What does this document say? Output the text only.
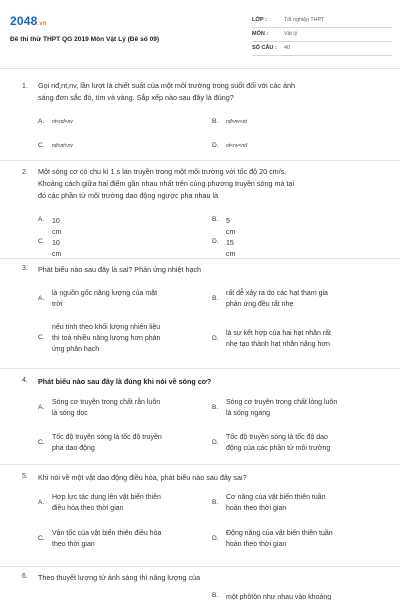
2048.vn
Đề thi thử THPT QG 2019 Môn Vật Lý (Đề số 09)
LỚP :	Tốt nghiệp THPT
MÔN :	Vật lý
SỐ CÂU : 40
1. Gọi nđ,nt,nv, lần lượt là chiết suất của một môi trường trong suốt đối với các ánh
sáng đơn sắc đỏ, tím và vàng. Sắp xếp nào sau đây là đúng?
A. nt<nđ<nv	B. nđ<nv<nt
C. nđ<nt<nv	D. nt<nv<nđ
2. Một sóng cơ có chu kì 1 s lan truyền trong một môi trường với tốc độ 20 cm/s.
Khoảng cách giữa hai điểm gần nhau nhất trên cùng phương truyền sóng mà tại
đó các phần tử môi trường dao động ngược pha nhau là
A. 10 cm
B. 5 cm
C. 10 cm
D. 15 cm
3. Phát biểu nào sau đây là sai? Phản ứng nhiệt hạch
A.
là nguồn gốc năng lượng của mặt
trời
B.
rất dễ xảy ra do các hạt tham gia
phản ứng đều rất nhẹ
C.
nếu tính theo khối lượng nhiên liệu
thì toả nhiều năng lượng hơn phản
ứng phân hạch
D.
là sự kết hợp của hai hạt nhân rất
nhẹ tạo thành hạt nhân nặng hơn
4. Phát biểu nào sau đây là đúng khi nói về sóng cơ?
A.
Sóng cơ truyền trong chất rắn luôn
là sóng dọc
B.
Sóng cơ truyền trong chất lỏng luôn
là sóng ngang
C.
Tốc độ truyền sóng là tốc độ truyền
pha dao động
D.
Tốc độ truyền sóng là tốc độ dao
động của các phần tử môi trường
5. Khi nói về một vật dao động điều hòa, phát biểu nào sau đây sai?
A.
Hợp lực tác dụng lên vật biến thiên
điều hòa theo thời gian
B.
Cơ năng của vật biến thiên tuần
hoàn theo thời gian
C.
Vận tốc của vật biến thiên điều hòa
theo thời gian
D.
Động năng của vật biến thiên tuần
hoàn theo thời gian
6. Theo thuyết lượng tử ánh sáng thì năng lượng của
B. một phôtôn như nhau vào khoảng
